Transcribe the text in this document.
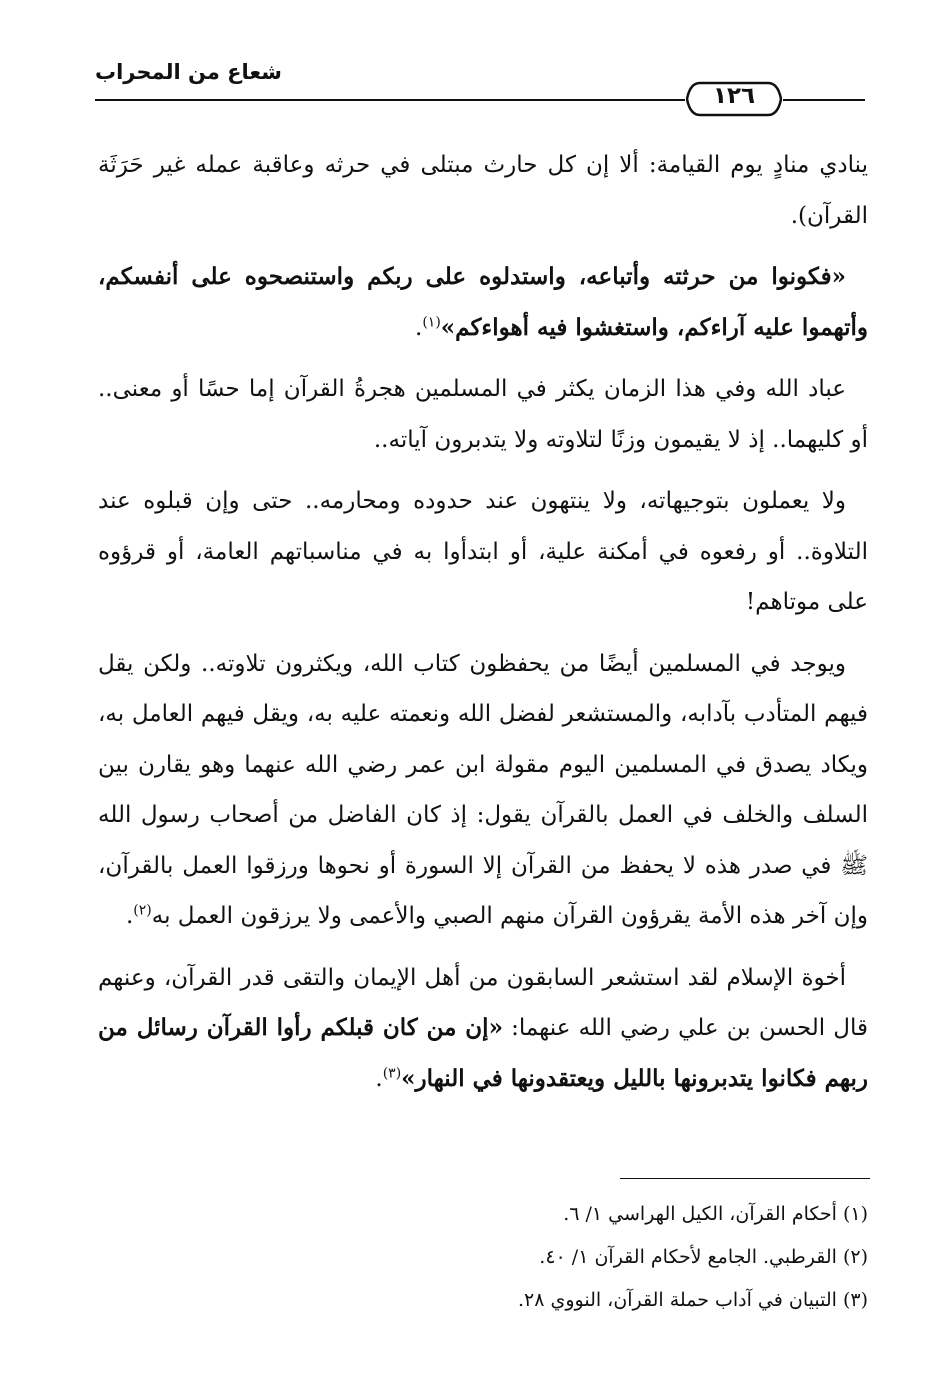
شعاع من المحراب
١٢٦

ينادي منادٍ يوم القيامة: ألا إن كل حارث مبتلى في حرثه وعاقبة عمله غير حَرَثَة القرآن).

«فكونوا من حرثته وأتباعه، واستدلوه على ربكم واستنصحوه على أنفسكم، وأتهموا عليه آراءكم، واستغشوا فيه أهواءكم»$^{(١)}$.

عباد الله وفي هذا الزمان يكثر في المسلمين هجرةُ القرآن إما حسًا أو معنى.. أو كليهما.. إذ لا يقيمون وزنًا لتلاوته ولا يتدبرون آياته..

ولا يعملون بتوجيهاته، ولا ينتهون عند حدوده ومحارمه.. حتى وإن قبلوه عند التلاوة.. أو رفعوه في أمكنة علية، أو ابتدأوا به في مناسباتهم العامة، أو قرؤوه على موتاهم!

ويوجد في المسلمين أيضًا من يحفظون كتاب الله، ويكثرون تلاوته.. ولكن يقل فيهم المتأدب بآدابه، والمستشعر لفضل الله ونعمته عليه به، ويقل فيهم العامل به، ويكاد يصدق في المسلمين اليوم مقولة ابن عمر رضي الله عنهما وهو يقارن بين السلف والخلف في العمل بالقرآن يقول: إذ كان الفاضل من أصحاب رسول الله ﷺ في صدر هذه لا يحفظ من القرآن إلا السورة أو نحوها ورزقوا العمل بالقرآن، وإن آخر هذه الأمة يقرؤون القرآن منهم الصبي والأعمى ولا يرزقون العمل به$^{(٢)}$.

أخوة الإسلام لقد استشعر السابقون من أهل الإيمان والتقى قدر القرآن، وعنهم قال الحسن بن علي رضي الله عنهما: «إن من كان قبلكم رأوا القرآن رسائل من ربهم فكانوا يتدبرونها بالليل ويعتقدونها في النهار»$^{(٣)}$.

(١) أحكام القرآن، الكيل الهراسي ١/ ٦.

(٢) القرطبي. الجامع لأحكام القرآن ١/ ٤٠.

(٣) التبيان في آداب حملة القرآن، النووي ٢٨.
